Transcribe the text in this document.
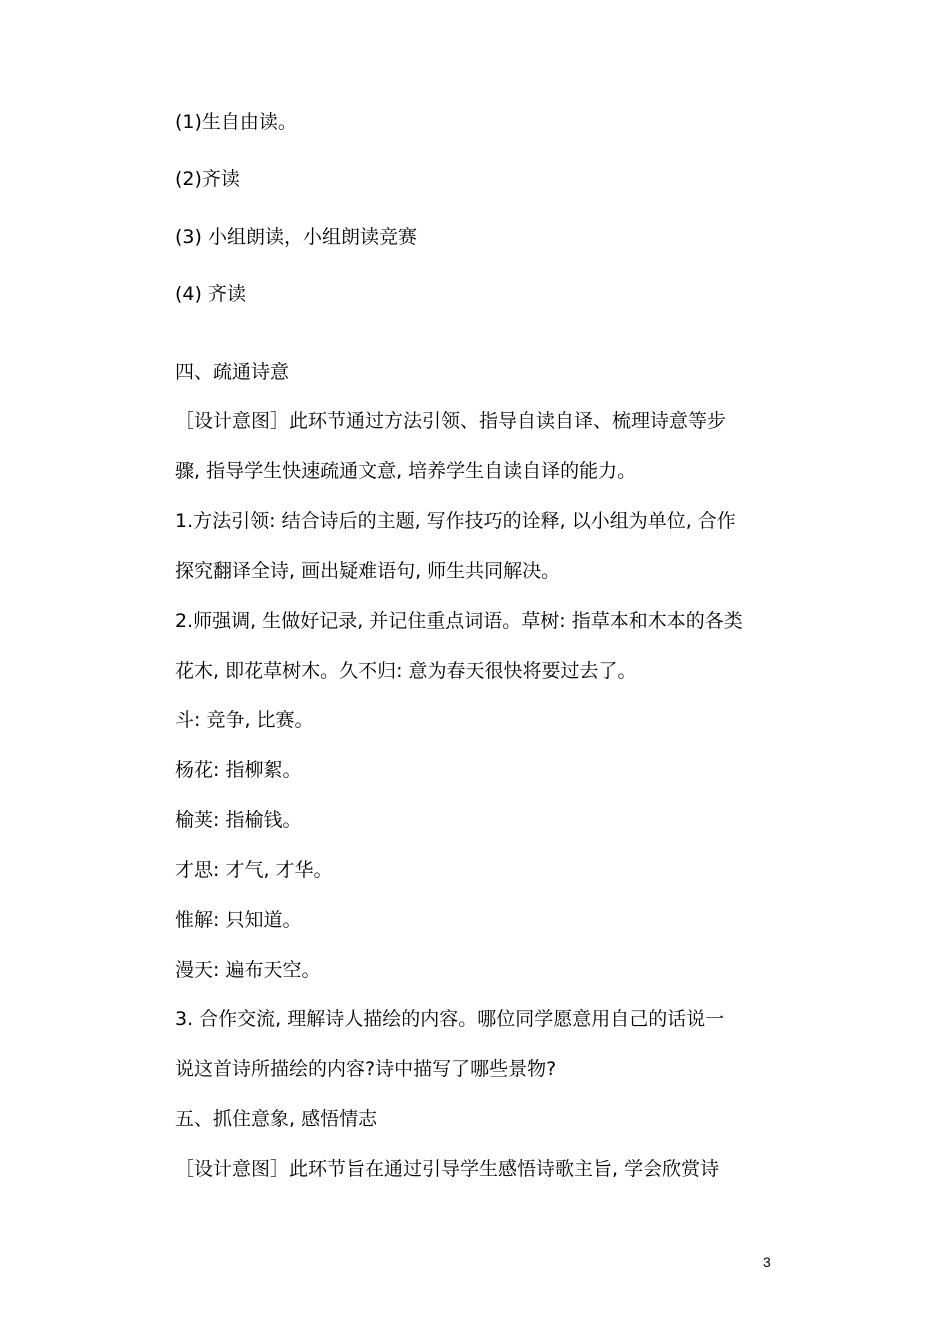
(1)生自由读。
(2)齐读
(3) 小组朗读，小组朗读竞赛
(4) 齐读
四、疏通诗意
［设计意图］此环节通过方法引领、指导自读自译、梳理诗意等步
骤, 指导学生快速疏通文意, 培养学生自读自译的能力。
1.方法引领: 结合诗后的主题, 写作技巧的诠释, 以小组为单位, 合作
探究翻译全诗, 画出疑难语句, 师生共同解决。
2.师强调, 生做好记录, 并记住重点词语。草树: 指草本和木本的各类
花木, 即花草树木。久不归: 意为春天很快将要过去了。
斗: 竞争, 比赛。
杨花: 指柳絮。
榆荚: 指榆钱。
才思: 才气, 才华。
惟解: 只知道。
漫天: 遍布天空。
3. 合作交流, 理解诗人描绘的内容。哪位同学愿意用自己的话说一
说这首诗所描绘的内容?诗中描写了哪些景物?
五、抓住意象, 感悟情志
［设计意图］此环节旨在通过引导学生感悟诗歌主旨, 学会欣赏诗
3
